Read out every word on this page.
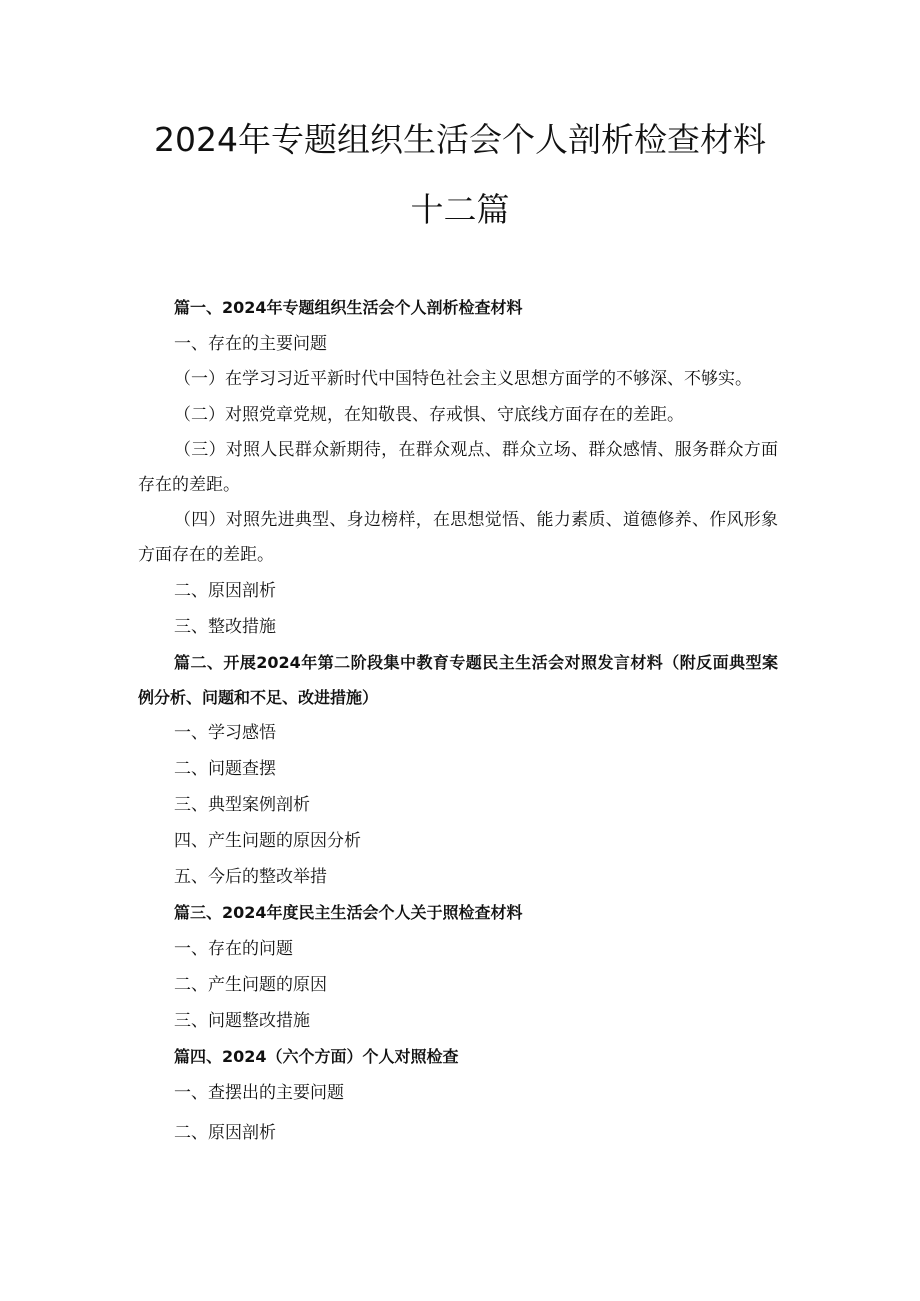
2024年专题组织生活会个人剖析检查材料
十二篇

篇一、2024年专题组织生活会个人剖析检查材料

一、存在的主要问题

（一）在学习习近平新时代中国特色社会主义思想方面学的不够深、不够实。

（二）对照党章党规，在知敬畏、存戒惧、守底线方面存在的差距。

（三）对照人民群众新期待，在群众观点、群众立场、群众感情、服务群众方面存在的差距。

（四）对照先进典型、身边榜样，在思想觉悟、能力素质、道德修养、作风形象方面存在的差距。

二、原因剖析

三、整改措施

篇二、开展2024年第二阶段集中教育专题民主生活会对照发言材料（附反面典型案例分析、问题和不足、改进措施）

一、学习感悟

二、问题查摆

三、典型案例剖析

四、产生问题的原因分析

五、今后的整改举措

篇三、2024年度民主生活会个人关于照检查材料

一、存在的问题

二、产生问题的原因

三、问题整改措施

篇四、2024（六个方面）个人对照检查

一、查摆出的主要问题

二、原因剖析
